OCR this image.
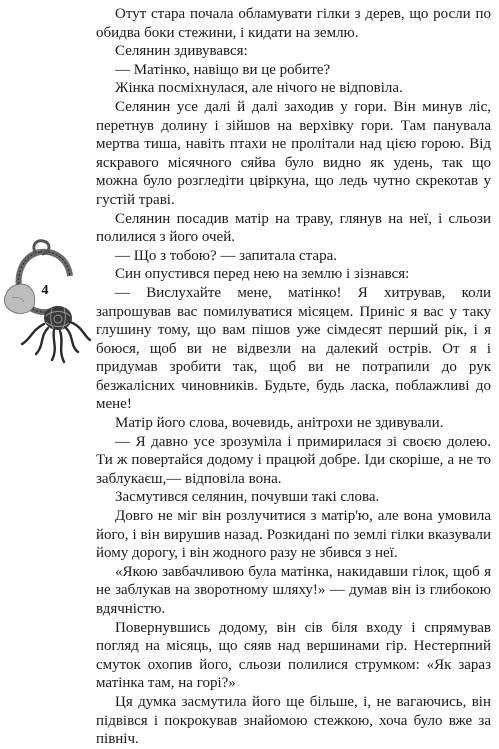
4

Отут стара почала обламувати гілки з дерев, що росли по обидва боки стежини, і кидати на землю.

Селянин здивувався:

— Матінко, навіщо ви це робите?

Жінка посміхнулася, але нічого не відповіла.

Селянин усе далі й далі заходив у гори. Він минув ліс, перетнув долину і зійшов на верхівку гори. Там панувала мертва тиша, навіть птахи не пролітали над цією горою. Від яскравого місячного сяйва було видно як удень, так що можна було розгледіти цвіркуна, що ледь чутно скрекотав у густій траві.

Селянин посадив матір на траву, глянув на неї, і сльози полилися з його очей.

— Що з тобою? — запитала стара.

Син опустився перед нею на землю і зізнався:

— Вислухайте мене, матінко! Я хитрував, коли запрошував вас помилуватися місяцем. Приніс я вас у таку глушину тому, що вам пішов уже сімдесят перший рік, і я боюся, щоб ви не відвезли на далекий острів. От я і придумав зробити так, щоб ви не потрапили до рук безжалісних чиновників. Будьте, будь ласка, поблажливі до мене!

Матір його слова, вочевидь, анітрохи не здивували.

— Я давно усе зрозуміла і примирилася зі своєю долею. Ти ж повертайся додому і працюй добре. Іди скоріше, а не то заблукаєш,— відповіла вона.

Засмутився селянин, почувши такі слова.

Довго не міг він розлучитися з матір'ю, але вона умовила його, і він вирушив назад. Розкидані по землі гілки вказували йому дорогу, і він жодного разу не збився з неї.

«Якою завбачливою була матінка, накидавши гілок, щоб я не заблукав на зворотному шляху!» — думав він із глибокою вдячністю.

Повернувшись додому, він сів біля входу і спрямував погляд на місяць, що сяяв над вершинами гір. Нестерпний смуток охопив його, сльози полилися струмком: «Як зараз матінка там, на горі?»

Ця думка засмутила його ще більше, і, не вагаючись, він підвівся і покрокував знайомою стежкою, хоча було вже за північ.
